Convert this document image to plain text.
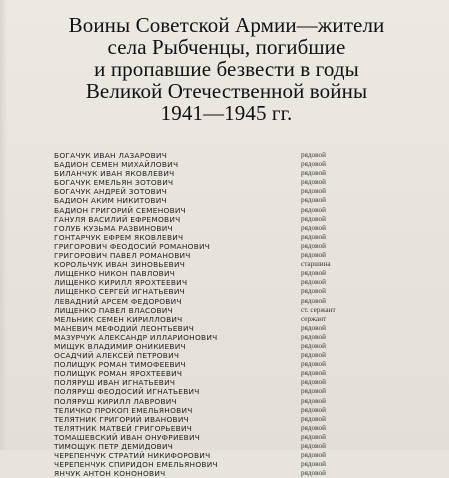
Воины Советской Армии—жители
села Рыбченцы, погибшие
и пропавшие безвести в годы
Великой Отечественной войны
1941—1945 гг.
БОГАЧУК ИВАН ЛАЗАРОВИЧ	рядовой
БАДИОН СЕМЕН МИХАЙЛОВИЧ	рядовой
БИЛАНЧУК ИВАН ЯКОВЛЕВИЧ	рядовой
БОГАЧУК ЕМЕЛЬЯН ЗОТОВИЧ	рядовой
БОГАЧУК АНДРЕЙ ЗОТОВИЧ	рядовой
БАДИОН АКИМ НИКИТОВИЧ	рядовой
БАДИОН ГРИГОРИЙ СЕМЕНОВИЧ	рядовой
ГАНУЛЯ ВАСИЛИЙ ЕФРЕМОВИЧ	рядовой
ГОЛУБ КУЗЬМА РАЗВИНОВИЧ	рядовой
ГОНТАРЧУК ЕФРЕМ ЯКОВЛЕВИЧ	рядовой
ГРИГОРОВИЧ ФЕОДОСИЙ РОМАНОВИЧ	рядовой
ГРИГОРОВИЧ ПАВЕЛ РОМАНОВИЧ	рядовой
КОРОЛЬЧУК ИВАН ЗИНОВЬЕВИЧ	старшина
ЛИЩЕНКО НИКОН ПАВЛОВИЧ	рядовой
ЛИЩЕНКО КИРИЛЛ ЯРОХТЕЕВИЧ	рядовой
ЛИЩЕНКО СЕРГЕЙ ИГНАТЬЕВИЧ	рядовой
ЛЕВАДНИЙ АРСЕМ ФЕДОРОВИЧ	рядовой
ЛИЩЕНКО ПАВЕЛ ВЛАСОВИЧ	ст. сержант
МЕЛЬНИК СЕМЕН КИРИЛЛОВИЧ	сержант
МАНЕВИЧ МЕФОДИЙ ЛЕОНТЬЕВИЧ	рядовой
МАЗУРЧУК АЛЕКСАНДР ИЛЛАРИОНОВИЧ	рядовой
МИЩУК ВЛАДИМИР ОНИКИЕВИЧ	рядовой
ОСАДЧИЙ АЛЕКСЕЙ ПЕТРОВИЧ	рядовой
ПОЛИЩУК РОМАН ТИМОФЕЕВИЧ	рядовой
ПОЛИЩУК РОМАН ЯРОХТЕЕВИЧ	рядовой
ПОЛЯРУШ ИВАН ИГНАТЬЕВИЧ	рядовой
ПОЛЯРУШ ФЕОДОСИЙ ИГНАТЬЕВИЧ	рядовой
ПОЛЯРУШ КИРИЛЛ ЛАВРОВИЧ	рядовой
ТЕЛИЧКО ПРОКОП ЕМЕЛЬЯНОВИЧ	рядовой
ТЕЛЯТНИК ГРИГОРИЙ ИВАНОВИЧ	рядовой
ТЕЛЯТНИК МАТВЕЙ ГРИГОРЬЕВИЧ	рядовой
ТОМАШЕВСКИЙ ИВАН ОНУФРИЕВИЧ	рядовой
ТИМОЩУК ПЕТР ДЕМИДОВИЧ	рядовой
ЧЕРЕПЕНЧУК СТРАТИЙ НИКИФОРОВИЧ	рядовой
ЧЕРЕПЕНЧУК СПИРИДОН ЕМЕЛЬЯНОВИЧ	рядовой
ЯНЧУК АНТОН КОНОНОВИЧ	рядовой
